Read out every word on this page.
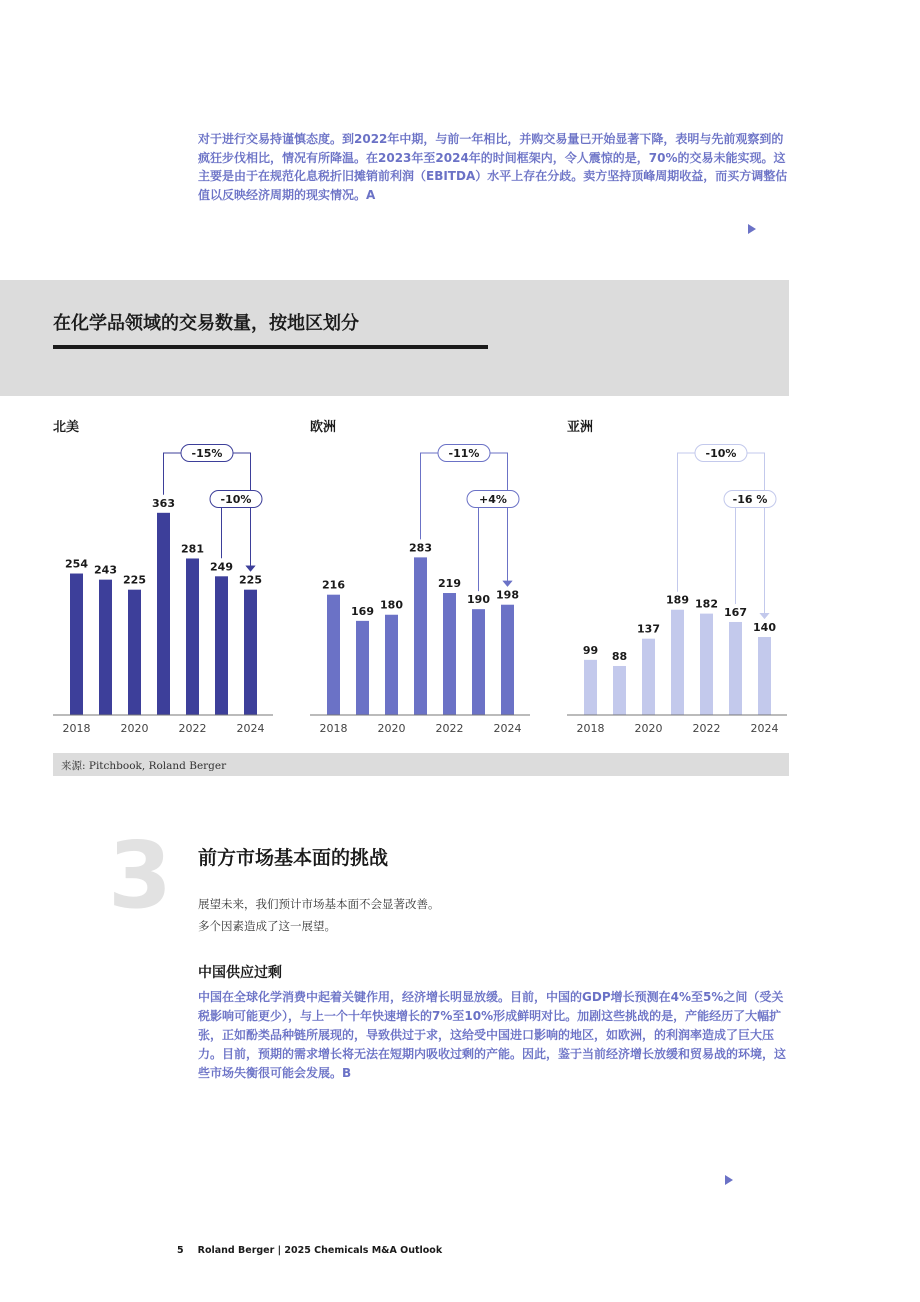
对于进行交易持谨慎态度。到2022年中期，与前一年相比，并购交易量已开始显著下降，表明与先前观察到的疯狂步伐相比，情况有所降温。在2023年至2024年的时间框架内，令人震惊的是，70%的交易未能实现。这主要是由于在规范化息税折旧摊销前利润（EBITDA）水平上存在分歧。卖方坚持顶峰周期收益，而买方调整估值以反映经济周期的现实情况。A
在化学品领域的交易数量，按地区划分
北美
254 243
225
363
281
249
225
2018	2020	2022	2024
-15%
-10%
欧洲
216
169 180
283
219
190 198
2018	2020	2022	2024
-11%
+4%
亚洲
99 88
137
189 182
167
140
2018	2020	2022	2024
-10%
-16 %
来源: Pitchbook, Roland Berger
3 前方市场基本面的挑战
展望未来，我们预计市场基本面不会显著改善。
多个因素造成了这一展望。
中国供应过剩
中国在全球化学消费中起着关键作用，经济增长明显放缓。目前，中国的GDP增长预测在4%至5%之间（受关税影响可能更少），与上一个十年快速增长的7%至10%形成鲜明对比。加剧这些挑战的是，产能经历了大幅扩张，正如酚类品种链所展现的，导致供过于求，这给受中国进口影响的地区，如欧洲，的利润率造成了巨大压力。目前，预期的需求增长将无法在短期内吸收过剩的产能。因此，鉴于当前经济增长放缓和贸易战的环境，这些市场失衡很可能会发展。B
5 Roland Berger | 2025 Chemicals M&A Outlook
